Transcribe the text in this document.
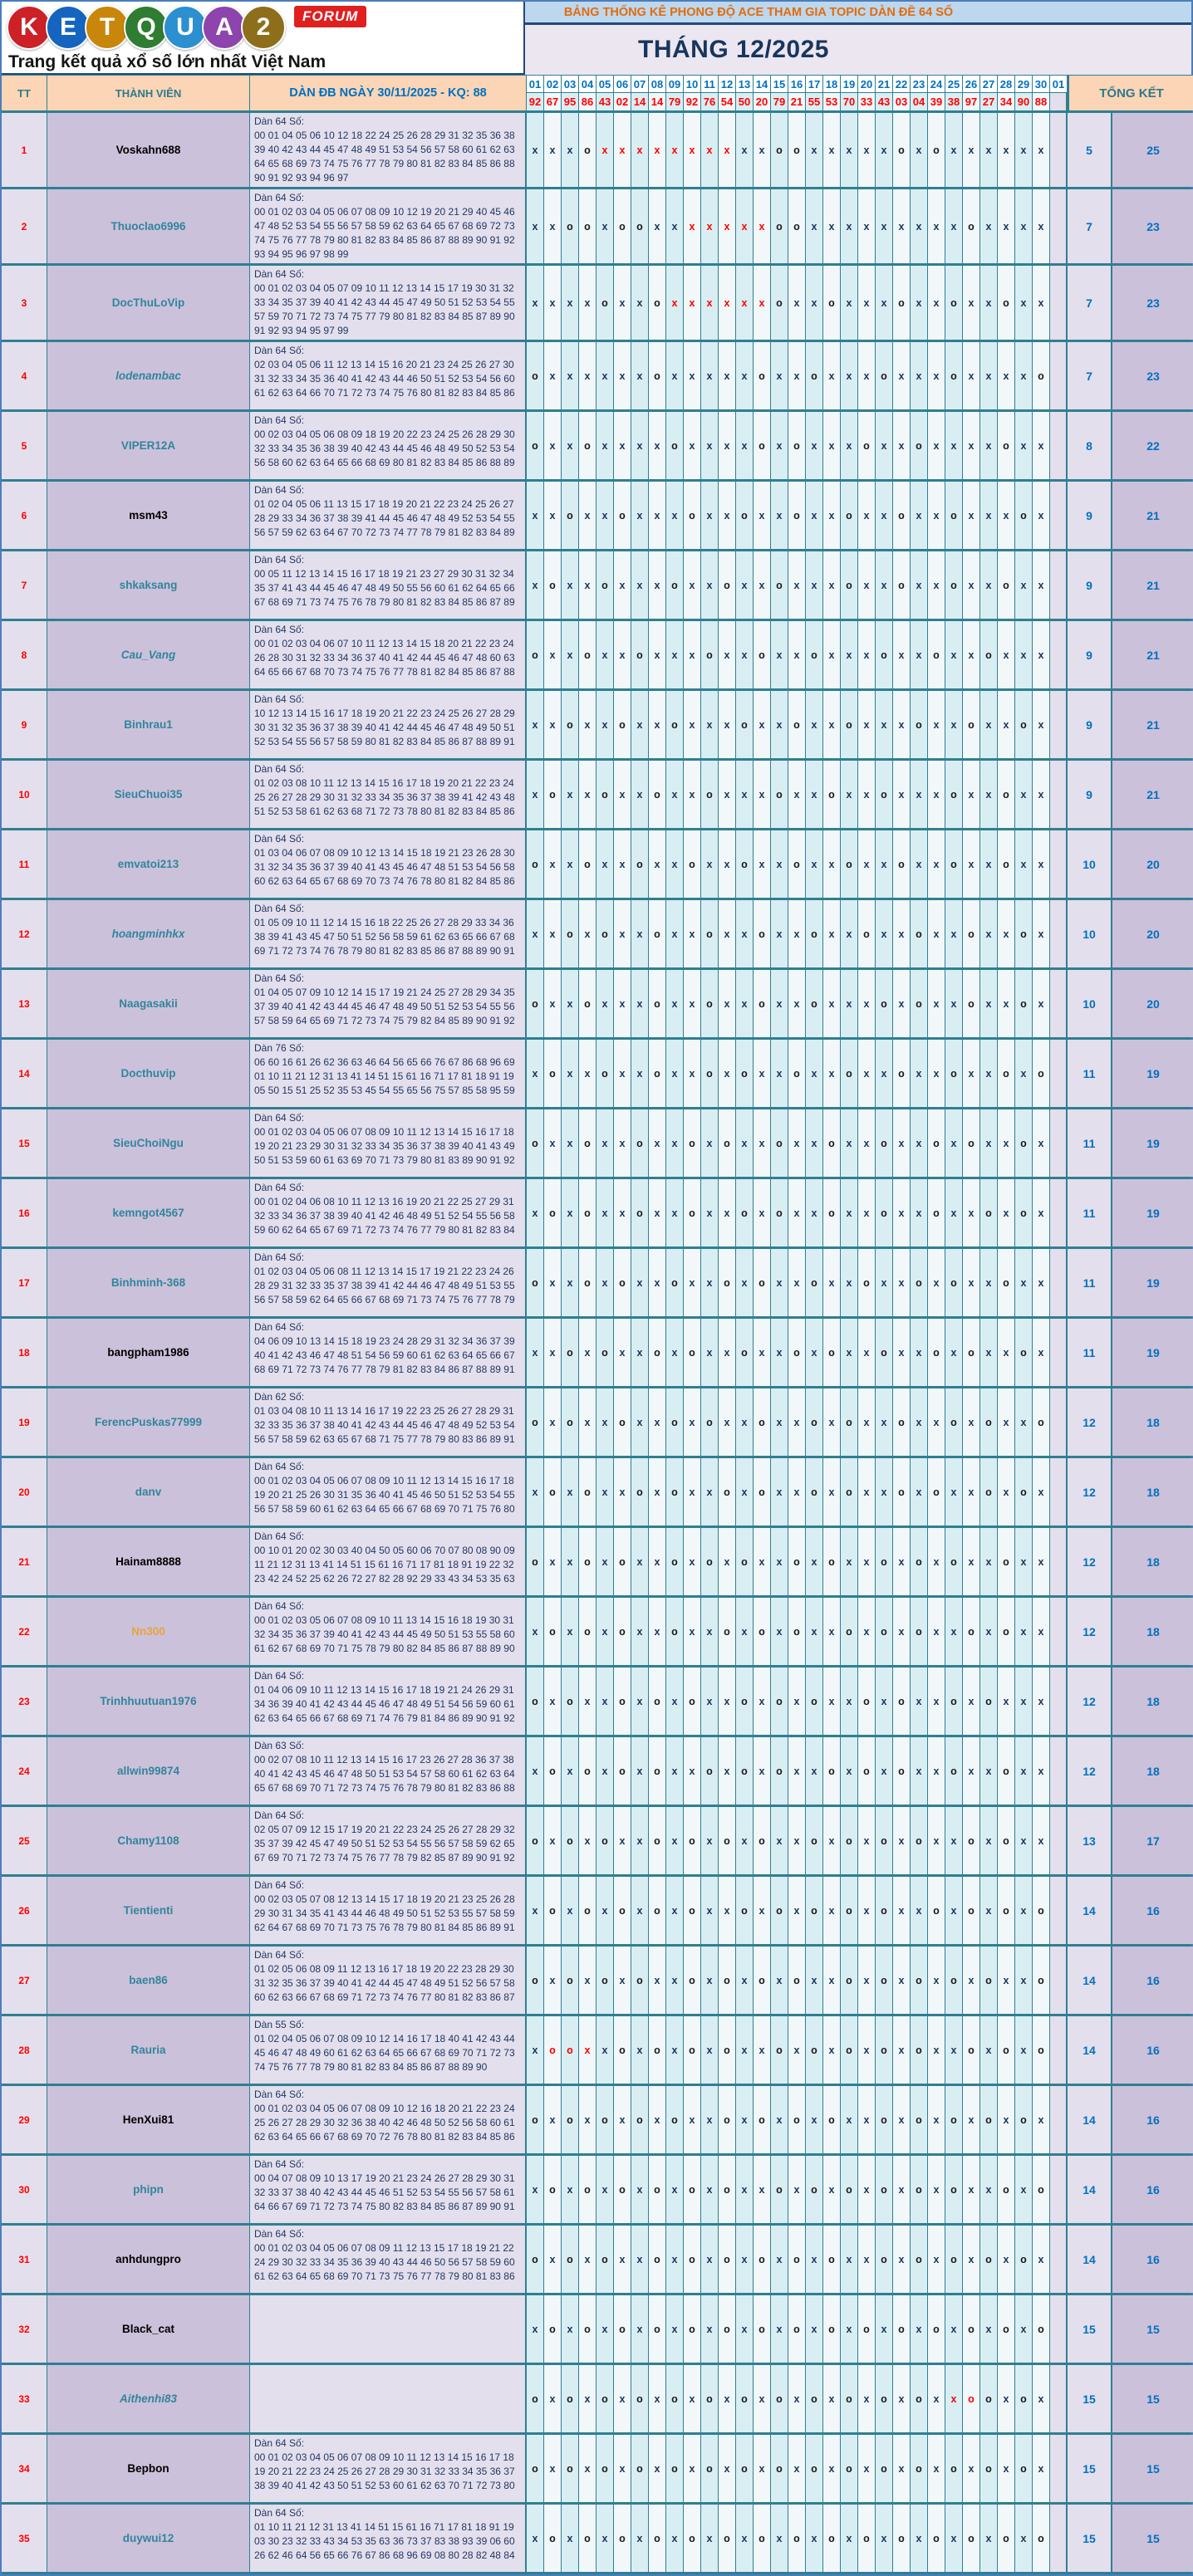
K E T Q U A 2	FORUM
Trang kết quả xổ số lớn nhất Việt Nam
BẢNG THỐNG KÊ PHONG ĐỘ ACE THAM GIA TOPIC DÀN ĐỀ 64 SỐ
THÁNG 12/2025
TT	THÀNH VIÊN	DÀN ĐB NGÀY 30/11/2025 - KQ: 88
01 02 03 04 05 06 07 08 09 10 11 12 13 14 15 16 17 18 19 20 21 22 23 24 25 26 27 28 29 30 01
TỔNG KẾT
92 67 95 86 43 02 14 14 79 92 76 54 50 20 79 21 55 53 70 33 43 03 04 39 38 97 27 34 90 88
1	Voskahn688
Dàn 64 Số:
00 01 04 05 06 10 12 18 22 24 25 26 28 29 31 32 35 36 38
39 40 42 43 44 45 47 48 49 51 53 54 56 57 58 60 61 62 63
64 65 68 69 73 74 75 76 77 78 79 80 81 82 83 84 85 86 88
90 91 92 93 94 96 97
x	x	x	o	x	x	x	x	x	x	x	x	x	x	o	o	x	x	x	x	x	o	x	o	x	x	x	x	x	x	5	25
2	Thuoclao6996
Dàn 64 Số:
00 01 02 03 04 05 06 07 08 09 10 12 19 20 21 29 40 45 46
47 48 52 53 54 55 56 57 58 59 62 63 64 65 67 68 69 72 73
74 75 76 77 78 79 80 81 82 83 84 85 86 87 88 89 90 91 92
93 94 95 96 97 98 99
x	x	o	o	x	o	o	x	x	x	x	x	x	x	o	o	x	x	x	x	x	x	x	x	x	o	x	x	x	x	7	23
3	DocThuLoVip
Dàn 64 Số:
00 01 02 03 04 05 07 09 10 11 12 13 14 15 17 19 30 31 32
33 34 35 37 39 40 41 42 43 44 45 47 49 50 51 52 53 54 55
57 59 70 71 72 73 74 75 77 79 80 81 82 83 84 85 87 89 90
91 92 93 94 95 97 99
x	x	x	x	o	x	x	o	x	x	x	x	x	x	o	x	x	o	x	x	x	o	x	x	o	x	x	o	x	x	7	23
4	lodenambac
Dàn 64 Số:
02 03 04 05 06 11 12 13 14 15 16 20 21 23 24 25 26 27 30
31 32 33 34 35 36 40 41 42 43 44 46 50 51 52 53 54 56 60
61 62 63 64 66 70 71 72 73 74 75 76 80 81 82 83 84 85 86
o	x	x	x	x	x	x	o	x	x	x	x	x	o	x	x	o	x	x	x	o	x	x	x	o	x	x	x	x	o	7	23
5	VIPER12A
Dàn 64 Số:
00 02 03 04 05 06 08 09 18 19 20 22 23 24 25 26 28 29 30
32 33 34 35 36 38 39 40 42 43 44 45 46 48 49 50 52 53 54
56 58 60 62 63 64 65 66 68 69 80 81 82 83 84 85 86 88 89
o	x	x	o	x	x	x	x	o	x	x	x	x	o	x	o	x	x	x	o	x	x	o	x	x	x	x	o	x	x	8	22
6	msm43
Dàn 64 Số:
01 02 04 05 06 11 13 15 17 18 19 20 21 22 23 24 25 26 27
28 29 33 34 36 37 38 39 41 44 45 46 47 48 49 52 53 54 55
56 57 59 62 63 64 67 70 72 73 74 77 78 79 81 82 83 84 89
x	x	o	x	x	o	x	x	x	o	x	x	o	x	x	o	x	x	o	x	x	o	x	x	o	x	x	x	o	x	9	21
7	shkaksang
Dàn 64 Số:
00 05 11 12 13 14 15 16 17 18 19 21 23 27 29 30 31 32 34
35 37 41 43 44 45 46 47 48 49 50 55 56 60 61 62 64 65 66
67 68 69 71 73 74 75 76 78 79 80 81 82 83 84 85 86 87 89
x	o	x	x	o	x	x	x	o	x	x	o	x	x	o	x	x	x	o	x	x	o	x	x	o	x	x	o	x	x	9	21
8	Cau_Vang
Dàn 64 Số:
00 01 02 03 04 06 07 10 11 12 13 14 15 18 20 21 22 23 24
26 28 30 31 32 33 34 36 37 40 41 42 44 45 46 47 48 60 63
64 65 66 67 68 70 73 74 75 76 77 78 81 82 84 85 86 87 88
o	x	x	o	x	x	o	x	x	x	o	x	x	o	x	x	o	x	x	x	o	x	x	o	x	x	o	x	x	x	9	21
9	Binhrau1
Dàn 64 Số:
10 12 13 14 15 16 17 18 19 20 21 22 23 24 25 26 27 28 29
30 31 32 35 36 37 38 39 40 41 42 44 45 46 47 48 49 50 51
52 53 54 55 56 57 58 59 80 81 82 83 84 85 86 87 88 89 91
x	x	o	x	x	o	x	x	o	x	x	x	o	x	x	o	x	x	o	x	x	x	o	x	x	o	x	x	o	x	9	21
10	SieuChuoi35
Dàn 64 Số:
01 02 03 08 10 11 12 13 14 15 16 17 18 19 20 21 22 23 24
25 26 27 28 29 30 31 32 33 34 35 36 37 38 39 41 42 43 48
51 52 53 58 61 62 63 68 71 72 73 78 80 81 82 83 84 85 86
x	o	x	x	o	x	x	o	x	x	o	x	x	x	o	x	x	o	x	x	o	x	x	x	o	x	x	o	x	x	9	21
11	emvatoi213
Dàn 64 Số:
01 03 04 06 07 08 09 10 12 13 14 15 18 19 21 23 26 28 30
31 32 34 35 36 37 39 40 41 43 45 46 47 48 51 53 54 56 58
60 62 63 64 65 67 68 69 70 73 74 76 78 80 81 82 84 85 86
o	x	x	o	x	x	o	x	x	o	x	x	o	x	x	o	x	x	o	x	x	o	x	x	o	x	x	o	x	x	10	20
12	hoangminhkx
Dàn 64 Số:
01 05 09 10 11 12 14 15 16 18 22 25 26 27 28 29 33 34 36
38 39 41 43 45 47 50 51 52 56 58 59 61 62 63 65 66 67 68
69 71 72 73 74 76 78 79 80 81 82 83 85 86 87 88 89 90 91
x	x	o	x	o	x	x	o	x	x	o	x	x	o	x	x	o	x	x	o	x	x	o	x	x	o	x	x	o	x	10	20
13	Naagasakii
Dàn 64 Số:
01 04 05 07 09 10 12 14 15 17 19 21 24 25 27 28 29 34 35
37 39 40 41 42 43 44 45 46 47 48 49 50 51 52 53 54 55 56
57 58 59 64 65 69 71 72 73 74 75 79 82 84 85 89 90 91 92
o	x	x	o	x	x	x	o	x	x	o	x	x	o	x	x	o	x	x	x	o	x	o	x	x	o	x	x	o	x	10	20
14	Docthuvip
Dàn 76 Số:
06 60 16 61 26 62 36 63 46 64 56 65 66 76 67 86 68 96 69
01 10 11 21 12 31 13 41 14 51 15 61 16 71 17 81 18 91 19
05 50 15 51 25 52 35 53 45 54 55 65 56 75 57 85 58 95 59
x	o	x	x	o	x	x	o	x	x	o	x	o	x	x	o	x	x	o	x	x	o	x	x	o	x	x	o	x	o	11	19
15	SieuChoiNgu
Dàn 64 Số:
00 01 02 03 04 05 06 07 08 09 10 11 12 13 14 15 16 17 18
19 20 21 23 29 30 31 32 33 34 35 36 37 38 39 40 41 43 49
50 51 53 59 60 61 63 69 70 71 73 79 80 81 83 89 90 91 92
o	x	x	o	x	x	o	x	x	o	x	o	x	x	o	x	x	o	x	x	o	x	x	o	x	o	x	x	o	x	11	19
16	kemngot4567
Dàn 64 Số:
00 01 02 04 06 08 10 11 12 13 16 19 20 21 22 25 27 29 31
32 33 34 36 37 38 39 40 41 42 46 48 49 51 52 54 55 56 58
59 60 62 64 65 67 69 71 72 73 74 76 77 79 80 81 82 83 84
x	o	x	o	x	x	o	x	x	o	x	x	o	x	o	x	x	o	x	x	o	x	x	o	x	x	o	x	o	x	11	19
17	Binhminh-368
Dàn 64 Số:
01 02 03 04 05 06 08 11 12 13 14 15 17 19 21 22 23 24 26
28 29 31 32 33 35 37 38 39 41 42 44 46 47 48 49 51 53 55
56 57 58 59 62 64 65 66 67 68 69 71 73 74 75 76 77 78 79
o	x	x	o	x	o	x	x	o	x	x	o	x	o	x	x	o	x	x	o	x	x	o	x	o	x	x	o	x	x	11	19
18	bangpham1986
Dàn 64 Số:
04 06 09 10 13 14 15 18 19 23 24 28 29 31 32 34 36 37 39
40 41 42 43 46 47 48 51 54 56 59 60 61 62 63 64 65 66 67
68 69 71 72 73 74 76 77 78 79 81 82 83 84 86 87 88 89 91
x	x	o	x	o	x	x	o	x	o	x	x	o	x	x	o	x	o	x	x	o	x	x	o	x	o	x	x	o	x	11	19
19	FerencPuskas77999
Dàn 62 Số:
01 03 04 08 10 11 13 14 16 17 19 22 23 25 26 27 28 29 31
32 33 35 36 37 38 40 41 42 43 44 45 46 47 48 49 52 53 54
56 57 58 59 62 63 65 67 68 71 75 77 78 79 80 83 86 89 91
o	x	o	x	x	o	x	x	o	x	o	x	x	o	x	x	o	x	o	x	x	o	x	x	o	x	o	x	x	o	12	18
20	danv
Dàn 64 Số:
00 01 02 03 04 05 06 07 08 09 10 11 12 13 14 15 16 17 18
19 20 21 25 26 30 31 35 36 40 41 45 46 50 51 52 53 54 55
56 57 58 59 60 61 62 63 64 65 66 67 68 69 70 71 75 76 80
x	o	x	o	x	x	o	x	o	x	x	o	x	o	x	x	o	x	o	x	x	o	x	o	x	x	o	x	o	x	12	18
21	Hainam8888
Dàn 64 Số:
00 10 01 20 02 30 03 40 04 50 05 60 06 70 07 80 08 90 09
11 21 12 31 13 41 14 51 15 61 16 71 17 81 18 91 19 22 32
23 42 24 52 25 62 26 72 27 82 28 92 29 33 43 34 53 35 63
o	x	x	o	x	o	x	x	o	x	o	x	o	x	x	o	x	o	x	x	o	x	o	x	o	x	x	o	x	x	12	18
22	Nn300
Dàn 64 Số:
00 01 02 03 05 06 07 08 09 10 11 13 14 15 16 18 19 30 31
32 34 35 36 37 39 40 41 42 43 44 45 49 50 51 53 55 58 60
61 62 67 68 69 70 71 75 78 79 80 82 84 85 86 87 88 89 90
x	o	x	o	x	o	x	x	o	x	x	o	x	o	x	o	x	x	o	x	o	x	o	x	x	o	x	o	x	x	12	18
23	Trinhhuutuan1976
Dàn 64 Số:
01 04 06 09 10 11 12 13 14 15 16 17 18 19 21 24 26 29 31
34 36 39 40 41 42 43 44 45 46 47 48 49 51 54 56 59 60 61
62 63 64 65 66 67 68 69 71 74 76 79 81 84 86 89 90 91 92
o	x	o	x	x	o	x	o	x	o	x	x	o	x	o	x	o	x	x	o	x	o	x	x	o	x	o	x	x	x	12	18
24	allwin99874
Dàn 63 Số:
00 02 07 08 10 11 12 13 14 15 16 17 23 26 27 28 36 37 38
40 41 42 43 45 46 47 48 50 51 53 54 57 58 60 61 62 63 64
65 67 68 69 70 71 72 73 74 75 76 78 79 80 81 82 83 86 88
x	o	x	o	x	o	x	o	x	x	o	x	o	x	o	x	x	o	x	o	x	o	x	x	o	x	x	o	x	x	12	18
25	Chamy1108
Dàn 64 Số:
02 05 07 09 12 15 17 19 20 21 22 23 24 25 26 27 28 29 32
35 37 39 42 45 47 49 50 51 52 53 54 55 56 57 58 59 62 65
67 69 70 71 72 73 74 75 76 77 78 79 82 85 87 89 90 91 92
o	x	o	x	o	x	x	o	x	o	x	o	x	o	x	x	o	x	o	x	o	x	o	x	x	o	x	o	x	x	13	17
26	Tientienti
Dàn 64 Số:
00 02 03 05 07 08 12 13 14 15 17 18 19 20 21 23 25 26 28
29 30 31 34 35 41 43 44 46 48 49 50 51 52 53 55 57 58 59
62 64 67 68 69 70 71 73 75 76 78 79 80 81 84 85 86 89 91
x	o	x	o	x	o	x	o	x	o	x	x	o	x	o	x	o	x	o	x	o	x	x	o	x	o	x	o	x	o	14	16
27	baen86
Dàn 64 Số:
01 02 05 06 08 09 11 12 13 16 17 18 19 20 22 23 28 29 30
31 32 35 36 37 39 40 41 42 44 45 47 48 49 51 52 56 57 58
60 62 63 66 67 68 69 71 72 73 74 76 77 80 81 82 83 86 87
o	x	o	x	o	x	o	x	x	o	x	o	x	o	x	o	x	x	o	x	o	x	o	x	o	x	o	x	x	o	14	16
28	Rauria
Dàn 55 Số:
01 02 04 05 06 07 08 09 10 12 14 16 17 18 40 41 42 43 44
45 46 47 48 49 60 61 62 63 64 65 66 67 68 69 70 71 72 73
74 75 76 77 78 79 80 81 82 83 84 85 86 87 88 89 90
x	o	o	x	x	o	x	o	x	o	x	o	x	x	o	x	o	x	o	x	o	x	o	x	x	o	x	o	x	o	14	16
29	HenXui81
Dàn 64 Số:
00 01 02 03 04 05 06 07 08 09 10 12 16 18 20 21 22 23 24
25 26 27 28 29 30 32 36 38 40 42 46 48 50 52 56 58 60 61
62 63 64 65 66 67 68 69 70 72 76 78 80 81 82 83 84 85 86
o	x	o	x	o	x	o	x	o	x	x	o	x	o	x	o	x	o	x	x	o	x	o	x	o	x	o	x	o	x	14	16
30	phipn
Dàn 64 Số:
00 04 07 08 09 10 13 17 19 20 21 23 24 26 27 28 29 30 31
32 33 37 38 40 42 43 44 45 46 51 52 53 54 55 56 57 58 61
64 66 67 69 71 72 73 74 75 80 82 83 84 85 86 87 89 90 91
x	o	x	o	x	o	x	o	x	o	x	o	x	x	o	x	o	x	o	x	o	x	o	x	o	x	x	o	x	o	14	16
31	anhdungpro
Dàn 64 Số:
00 01 02 03 04 05 06 07 08 09 11 12 13 15 17 18 19 21 22
24 29 30 32 33 34 35 36 39 40 43 44 46 50 56 57 58 59 60
61 62 63 64 65 68 69 70 71 73 75 76 77 78 79 80 81 83 86
o	x	o	x	o	x	x	o	x	o	x	o	x	o	x	o	x	o	x	x	o	x	o	x	o	x	o	x	o	x	14	16
32	Black_cat	x	o	x	o	x	o	x	o	x	o	x	o	x	o	x	o	x	o	x	o	x	o	x	o	x	o	x	o	x	o	15	15
33	Aithenhi83	o	x	o	x	o	x	o	x	o	x	o	x	o	x	o	x	o	x	o	x	o	x	o	x	x	o	o	x	o	x	15	15
34	Bepbon
Dàn 64 Số:
00 01 02 03 04 05 06 07 08 09 10 11 12 13 14 15 16 17 18
19 20 21 22 23 24 25 26 27 28 29 30 31 32 33 34 35 36 37
38 39 40 41 42 43 50 51 52 53 60 61 62 63 70 71 72 73 80
o	x	o	x	o	x	o	x	o	x	o	x	o	x	o	x	o	x	o	x	o	x	o	x	o	x	o	x	o	x	15	15
35	duywui12
Dàn 64 Số:
01 10 11 21 12 31 13 41 14 51 15 61 16 71 17 81 18 91 19
03 30 23 32 33 43 34 53 35 63 36 73 37 83 38 93 39 06 60
26 62 46 64 56 65 66 76 67 86 68 96 69 08 80 28 82 48 84
x	o	x	o	x	o	x	o	x	o	x	o	x	o	x	o	x	o	x	o	x	o	x	o	x	o	x	o	x	o	15	15
